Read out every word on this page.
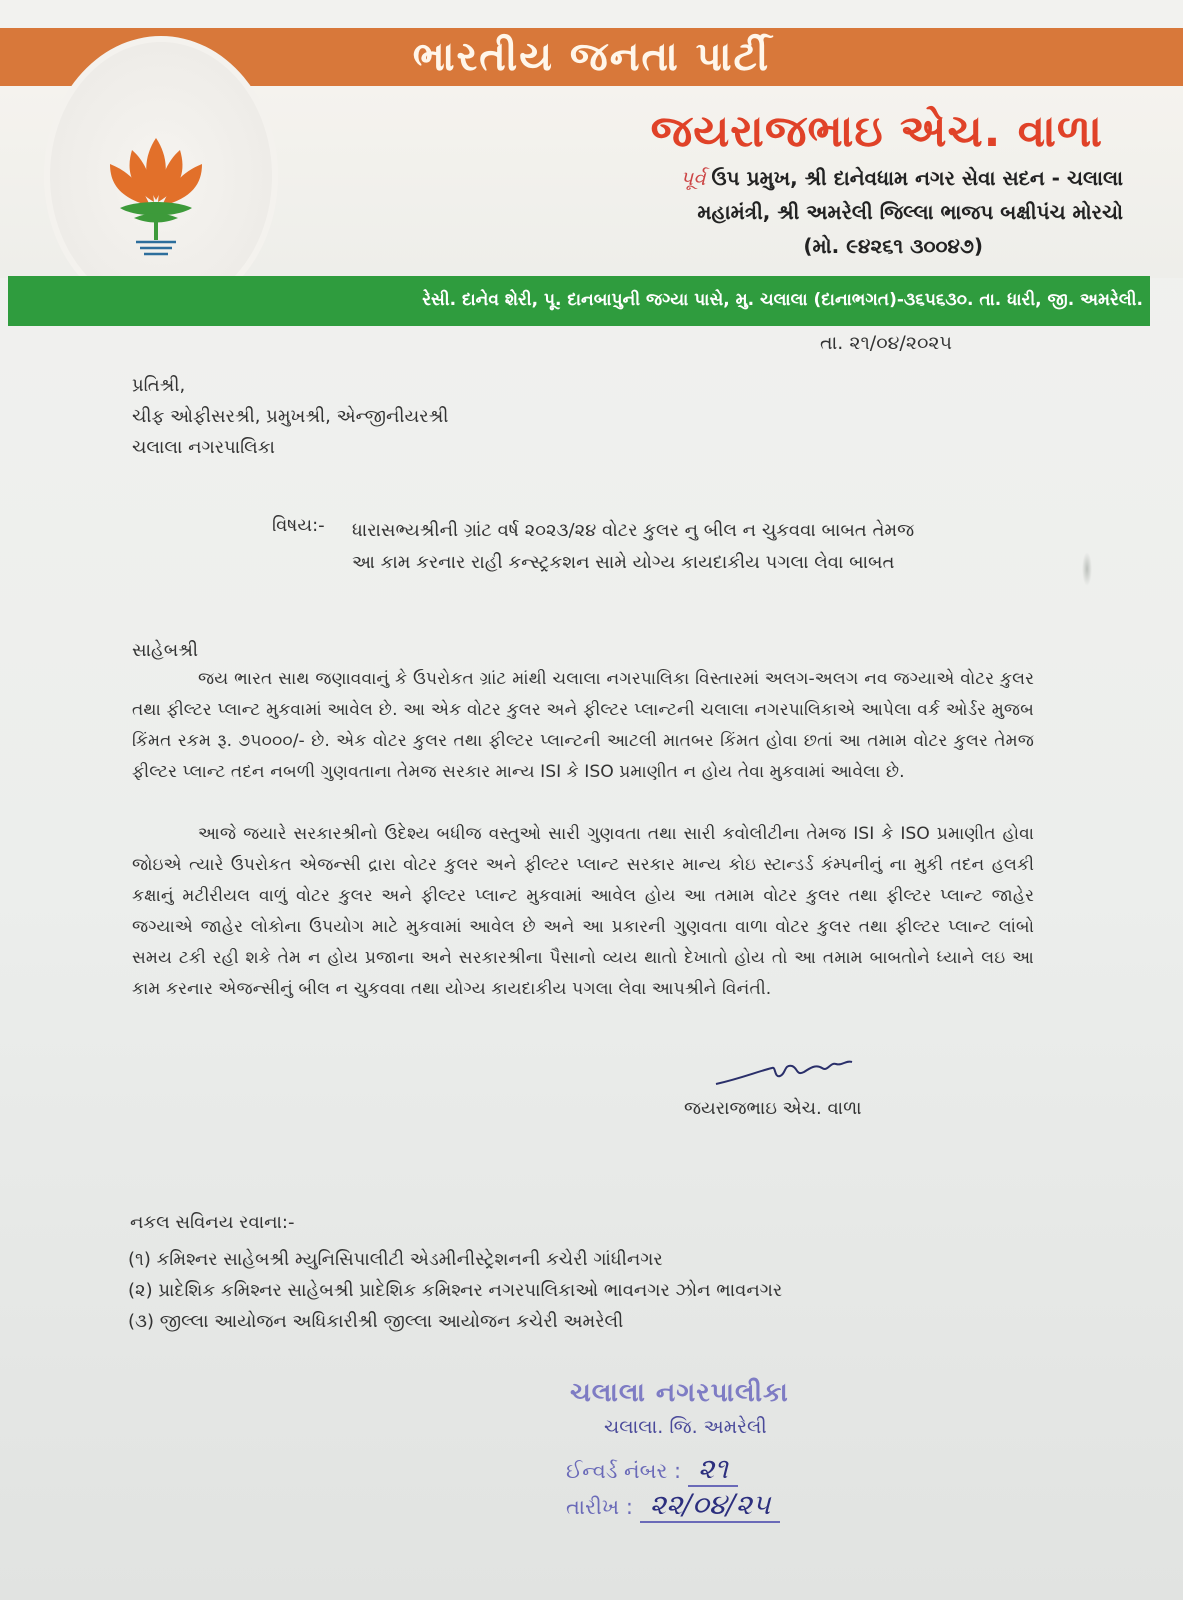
ભારતીય જનતા પાર્ટી
જયરાજભાઇ એચ. વાળા
પૂર્વ ઉપ પ્રમુખ, શ્રી દાનેવધામ નગર સેવા સદન - ચલાલા
મહામંત્રી, શ્રી અમરેલી જિલ્લા ભાજપ બક્ષીપંચ મોરચો
(મો. ૯૪૨૬૧ ૩૦૦૪૭)
રેસી. દાનેવ શેરી, પૂ. દાનબાપુની જગ્યા પાસે, મુ. ચલાલા (દાનાભગત)-૩૬૫૬૩૦. તા. ધારી, જી. અમરેલી.
તા. ૨૧/૦૪/૨૦૨૫
પ્રતિશ્રી,
ચીફ ઓફીસરશ્રી, પ્રમુખશ્રી, એન્જીનીયરશ્રી
ચલાલા નગરપાલિકા
વિષય:- ધારાસભ્યશ્રીની ગ્રાંટ વર્ષ ૨૦૨૩/૨૪ વોટર કુલર નુ બીલ ન ચુકવવા બાબત તેમજ આ કામ કરનાર રાહી કન્સ્ટ્રકશન સામે યોગ્ય કાયદાકીય પગલા લેવા બાબત
સાહેબશ્રી

જય ભારત સાથ જણાવવાનું કે ઉપરોકત ગ્રાંટ માંથી ચલાલા નગરપાલિકા વિસ્તારમાં અલગ-અલગ નવ જગ્યાએ વોટર કુલર તથા ફીલ્ટર પ્લાન્ટ મુકવામાં આવેલ છે. આ એક વોટર કુલર અને ફીલ્ટર પ્લાન્ટની ચલાલા નગરપાલિકાએ આપેલા વર્ક ઓર્ડર મુજબ કિંમત રકમ રૂ. ૭૫૦૦૦/- છે. એક વોટર કુલર તથા ફીલ્ટર પ્લાન્ટની આટલી માતબર કિંમત હોવા છતાં આ તમામ વોટર કુલર તેમજ ફીલ્ટર પ્લાન્ટ તદન નબળી ગુણવતાના તેમજ સરકાર માન્ય ISI કે ISO પ્રમાણીત ન હોય તેવા મુકવામાં આવેલા છે.

આજે જયારે સરકારશ્રીનો ઉદેશ્ય બધીજ વસ્તુઓ સારી ગુણવતા તથા સારી કવોલીટીના તેમજ ISI કે ISO પ્રમાણીત હોવા જોઇએ ત્યારે ઉપરોકત એજન્સી દ્રારા વોટર કુલર અને ફીલ્ટર પ્લાન્ટ સરકાર માન્ય કોઇ સ્ટાન્ડર્ડ કંમ્પનીનું ના મુકી તદન હલકી કક્ષાનું મટીરીયલ વાળું વોટર કુલર અને ફીલ્ટર પ્લાન્ટ મુકવામાં આવેલ હોય આ તમામ વોટર કુલર તથા ફીલ્ટર પ્લાન્ટ જાહેર જગ્યાએ જાહેર લોકોના ઉપયોગ માટે મુકવામાં આવેલ છે અને આ પ્રકારની ગુણવતા વાળા વોટર કુલર તથા ફીલ્ટર પ્લાન્ટ લાંબો સમય ટકી રહી શકે તેમ ન હોય પ્રજાના અને સરકારશ્રીના પૈસાનો વ્યય થાતો દેખાતો હોય તો આ તમામ બાબતોને ધ્યાને લઇ આ કામ કરનાર એજન્સીનું બીલ ન ચુકવવા તથા યોગ્ય કાયદાકીય પગલા લેવા આપશ્રીને વિનંતી.

જયરાજભાઇ એચ. વાળા
નકલ સવિનય રવાના:-
(૧) કમિશ્નર સાહેબશ્રી મ્યુનિસિપાલીટી એડમીનીસ્ટ્રેશનની કચેરી ગાંધીનગર
(૨) પ્રાદેશિક કમિશ્નર સાહેબશ્રી પ્રાદેશિક કમિશ્નર નગરપાલિકાઓ ભાવનગર ઝોન ભાવનગર
(૩) જીલ્લા આયોજન અધિકારીશ્રી જીલ્લા આયોજન કચેરી અમરેલી
ચલાલા નગરપાલીકા
ચલાલા. જિ. અમરેલી
ઈન્વર્ડ નંબર : ૨૧
તારીખ : ૨૨/૦૪/૨૫
